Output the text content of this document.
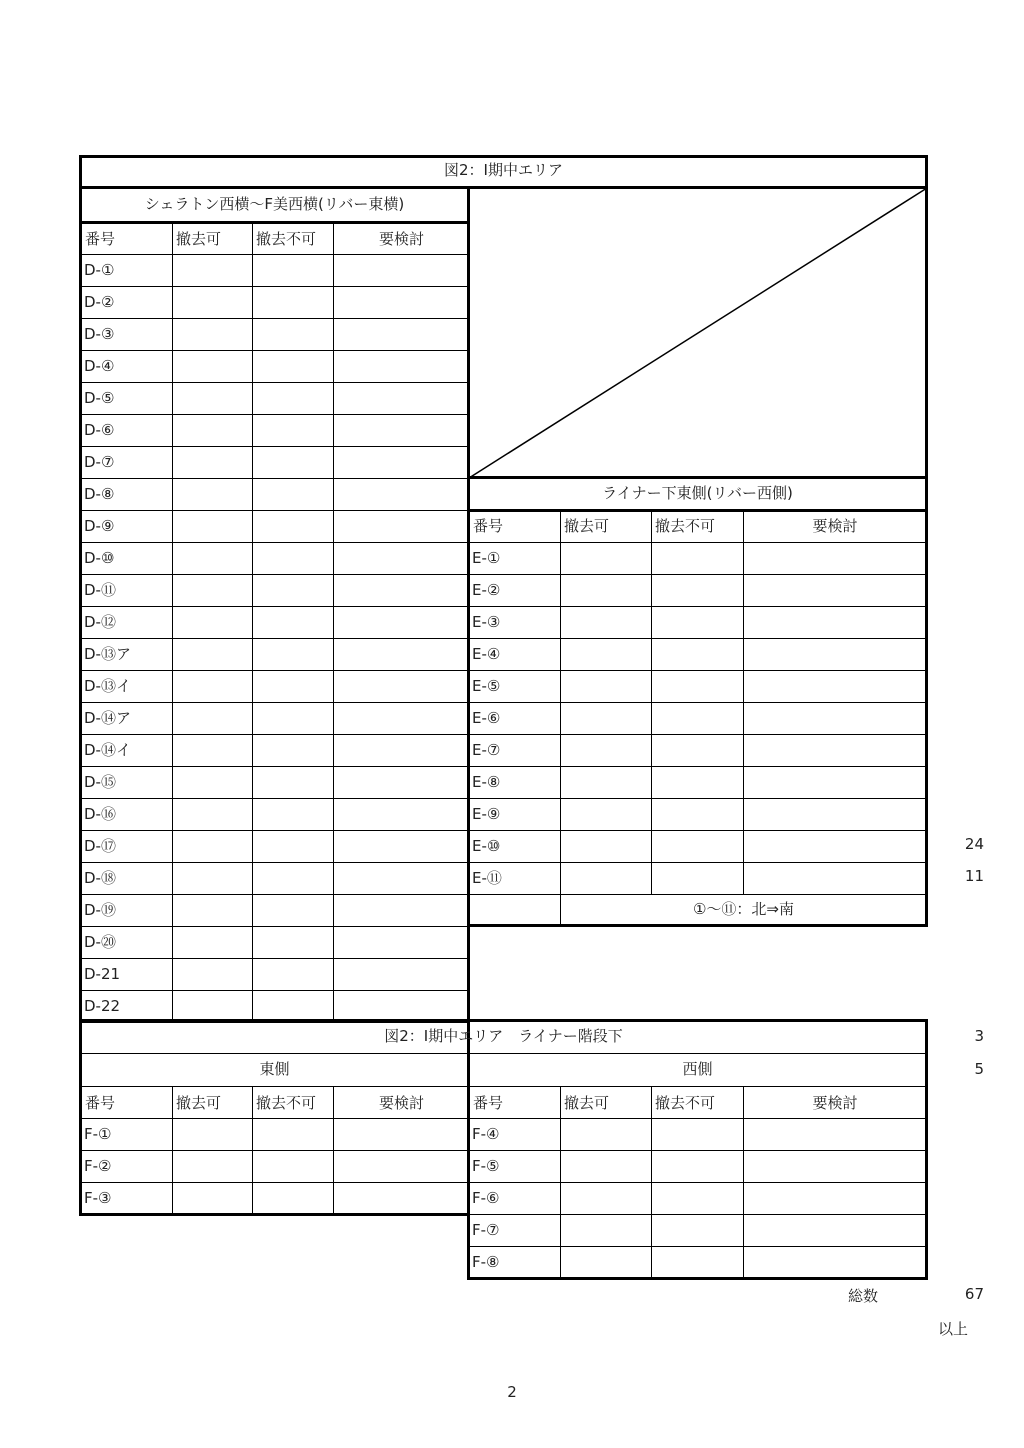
図2：Ⅰ期中エリア
シェラトン西横～F美西横(リバー東横)
ライナー下東側(リバー西側)
図2：Ⅰ期中エリア　ライナー階段下
東側	西側
番号	撤去可	撤去不可	要検討
D-①
D-②
D-③
D-④
D-⑤
D-⑥
D-⑦
D-⑧
D-⑨
D-⑩
D-⑪
D-⑫
D-⑬ア
D-⑬イ
D-⑭ア
D-⑭イ
D-⑮
D-⑯
D-⑰
D-⑱
D-⑲
D-⑳
D-21
D-22
番号	撤去可	撤去不可	要検討
E-①
E-②
E-③
E-④
E-⑤
E-⑥
E-⑦
E-⑧
E-⑨
E-⑩
E-⑪
番号	撤去可	撤去不可	要検討
F-①
F-②
F-③
番号	撤去可	撤去不可	要検討
F-④
F-⑤
F-⑥
F-⑦
F-⑧
①～⑪：北⇒南
24
11
3
5
総数	67
以上
2
